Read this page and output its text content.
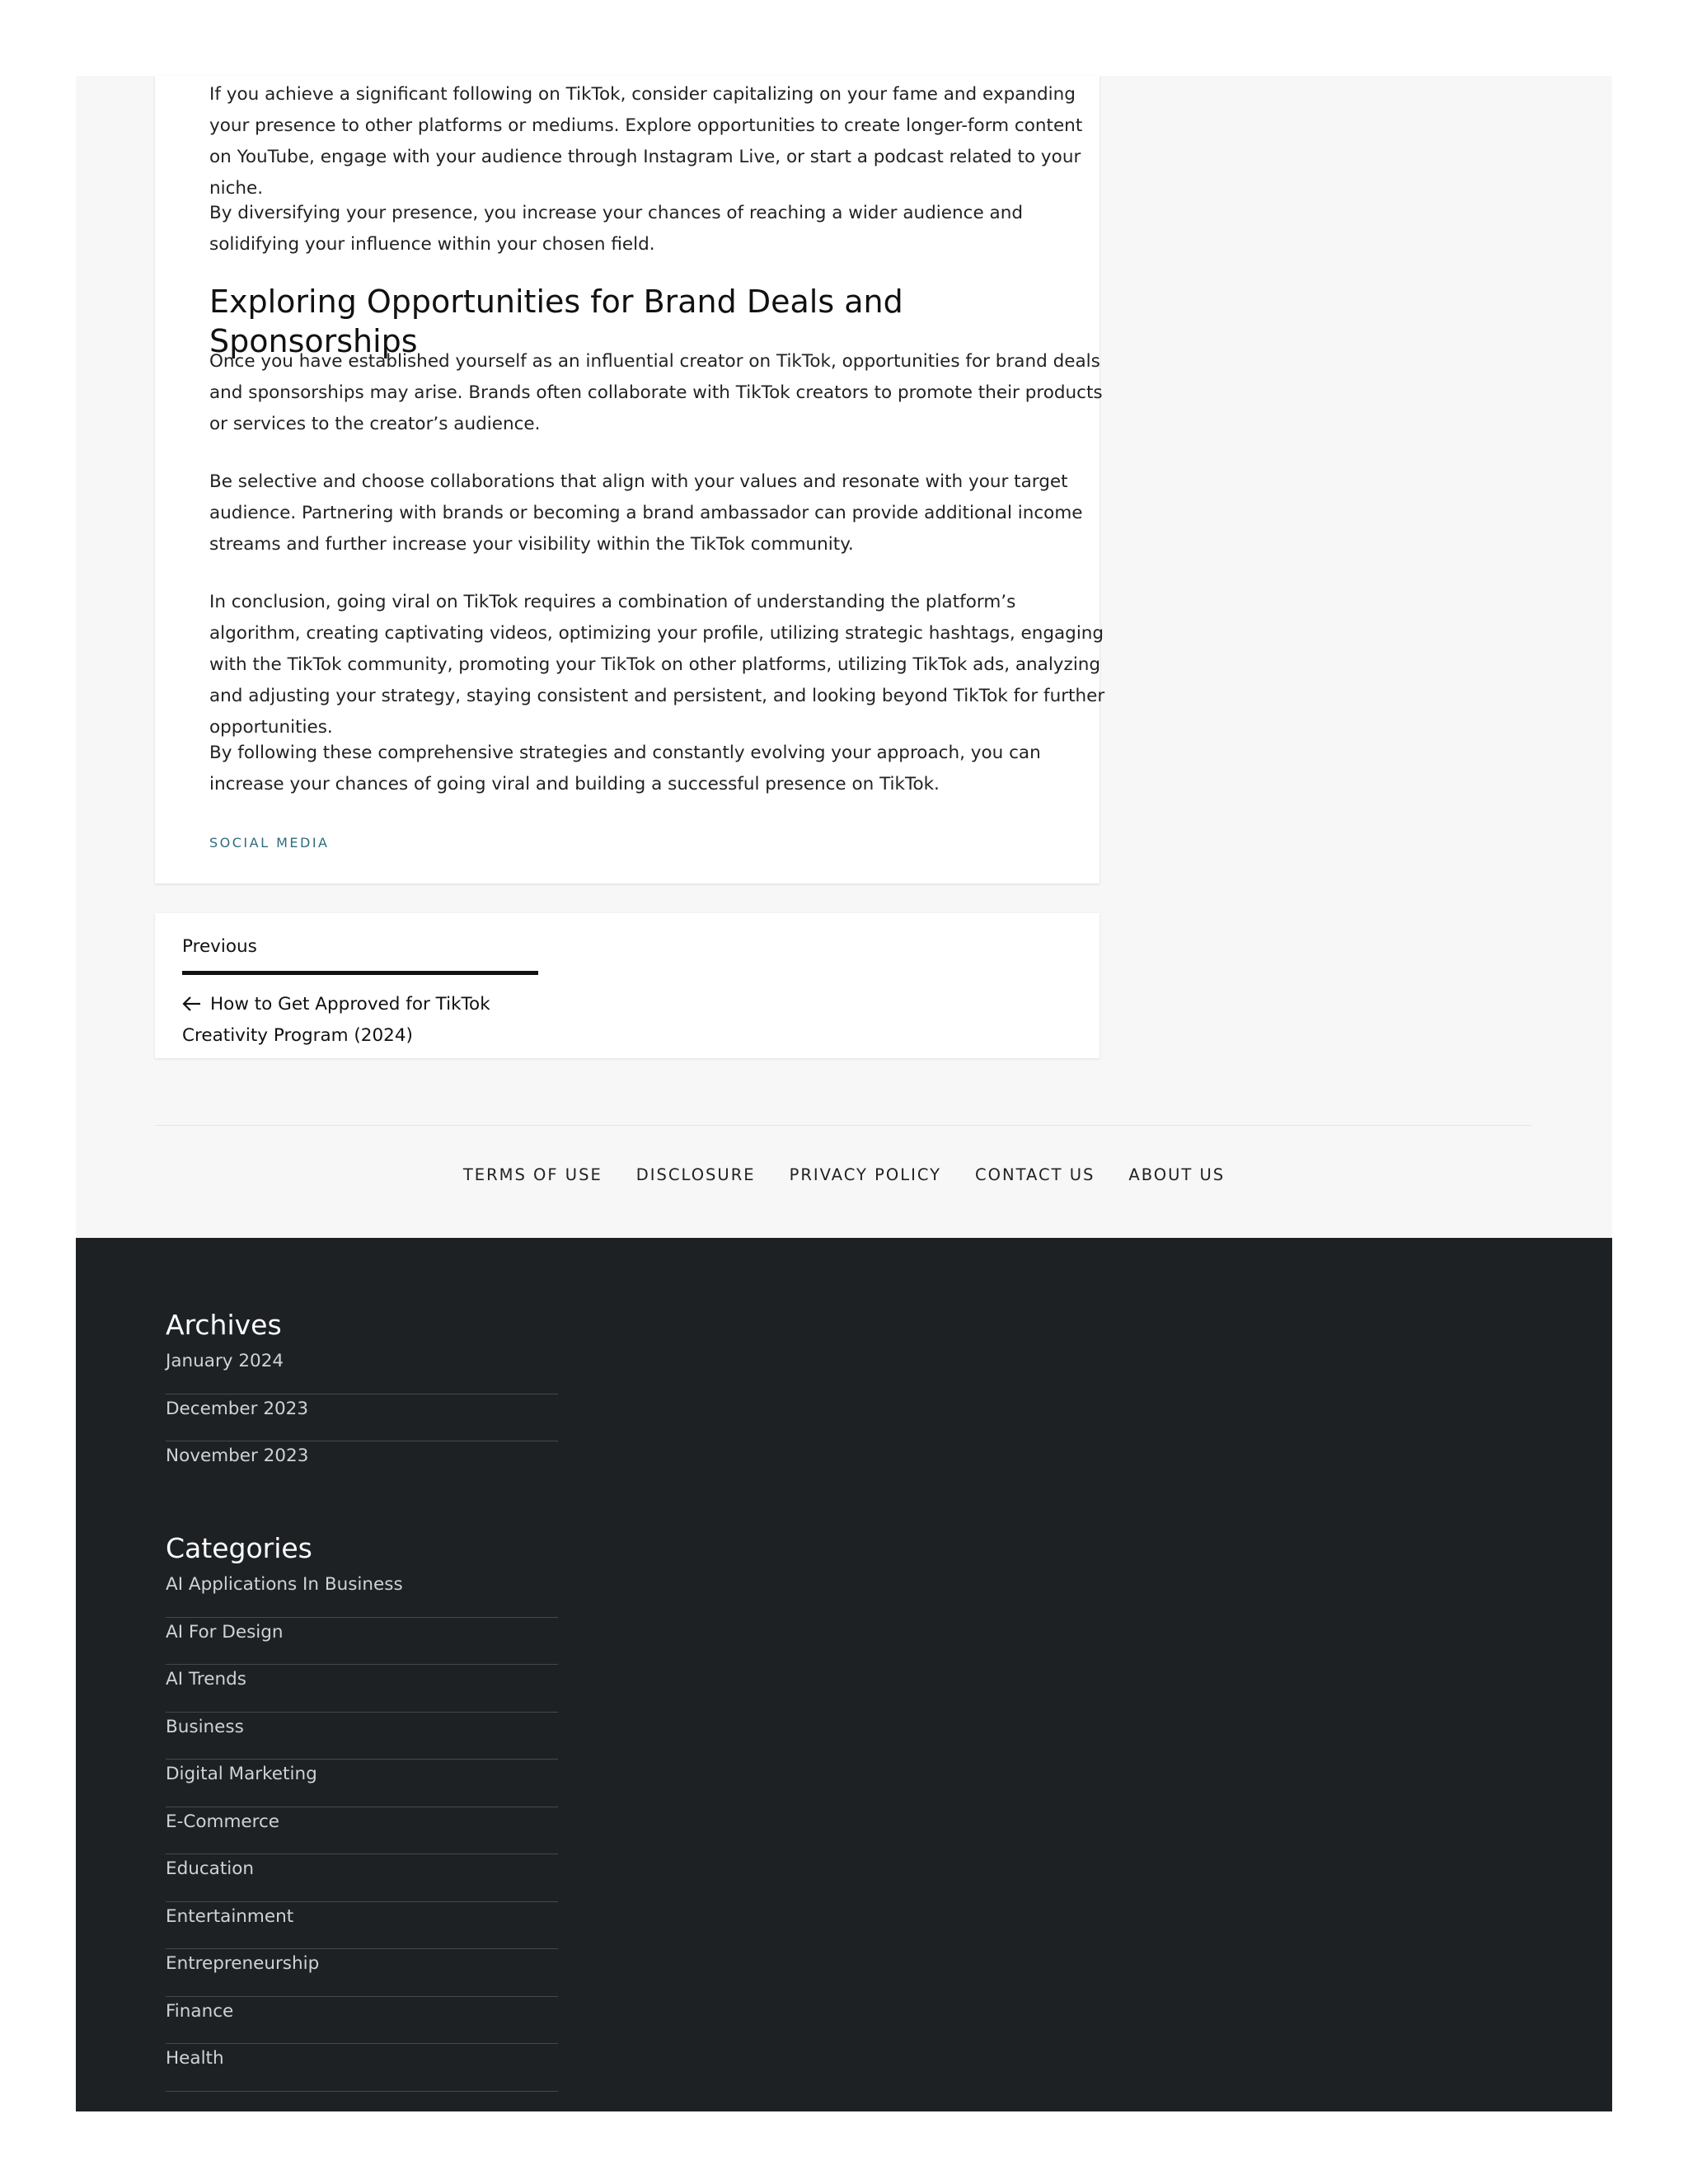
If you achieve a significant following on TikTok, consider capitalizing on your fame and expanding your presence to other platforms or mediums. Explore opportunities to create longer-form content on YouTube, engage with your audience through Instagram Live, or start a podcast related to your niche.

By diversifying your presence, you increase your chances of reaching a wider audience and solidifying your influence within your chosen field.

Exploring Opportunities for Brand Deals and Sponsorships

Once you have established yourself as an influential creator on TikTok, opportunities for brand deals and sponsorships may arise. Brands often collaborate with TikTok creators to promote their products or services to the creator’s audience.

Be selective and choose collaborations that align with your values and resonate with your target audience. Partnering with brands or becoming a brand ambassador can provide additional income streams and further increase your visibility within the TikTok community.

In conclusion, going viral on TikTok requires a combination of understanding the platform’s algorithm, creating captivating videos, optimizing your profile, utilizing strategic hashtags, engaging with the TikTok community, promoting your TikTok on other platforms, utilizing TikTok ads, analyzing and adjusting your strategy, staying consistent and persistent, and looking beyond TikTok for further opportunities.

By following these comprehensive strategies and constantly evolving your approach, you can increase your chances of going viral and building a successful presence on TikTok.

SOCIAL MEDIA
Previous
How to Get Approved for TikTok Creativity Program (2024)
TERMS OF USE DISCLOSURE PRIVACY POLICY CONTACT US ABOUT US
Archives
January 2024
December 2023
November 2023
Categories
AI Applications In Business
AI For Design
AI Trends
Business
Digital Marketing
E-Commerce
Education
Entertainment
Entrepreneurship
Finance
Health
